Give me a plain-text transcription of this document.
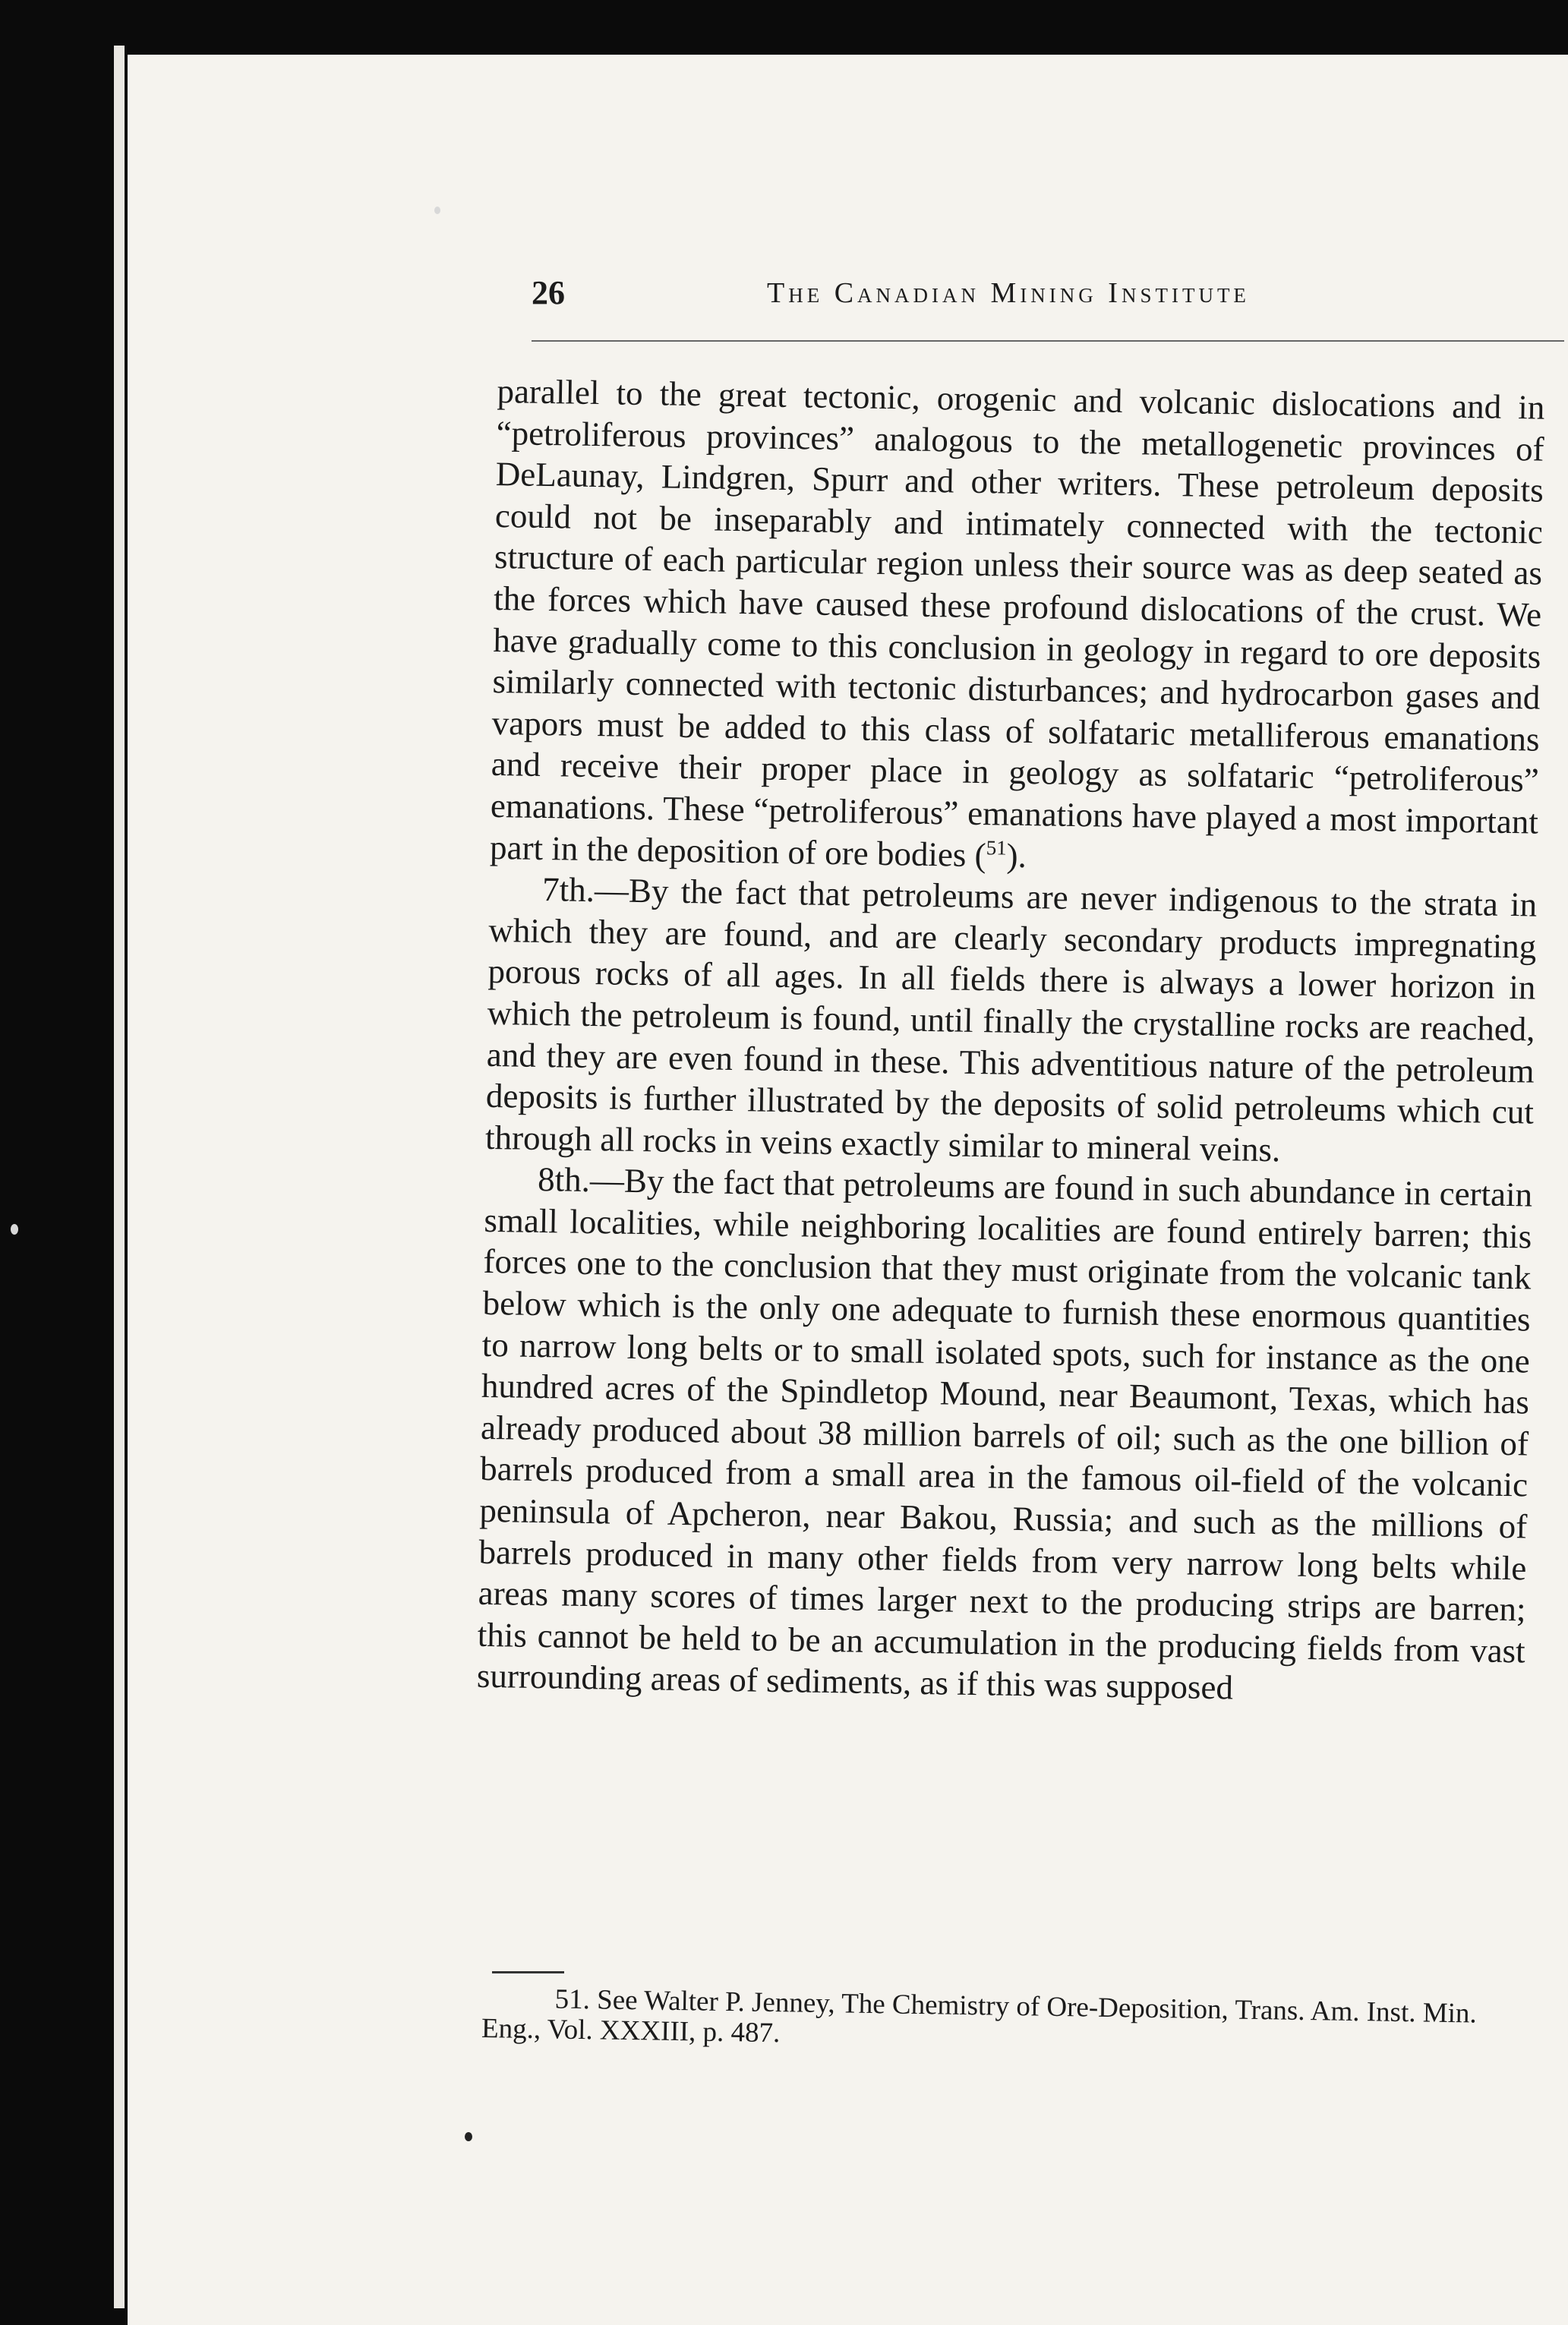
26	The Canadian Mining Institute

parallel to the great tectonic, orogenic and volcanic dislocations and in “petroliferous provinces” analogous to the metallogenetic provinces of DeLaunay, Lindgren, Spurr and other writers. These petroleum deposits could not be inseparably and intimately connected with the tectonic structure of each particular region unless their source was as deep seated as the forces which have caused these profound dislocations of the crust. We have gradually come to this conclusion in geology in regard to ore deposits similarly connected with tectonic disturbances; and hydrocarbon gases and vapors must be added to this class of solfataric metalliferous emanations and receive their proper place in geology as solfataric “petroliferous” emanations. These “petroliferous” emanations have played a most important part in the deposition of ore bodies ($^{51}$).

7th.—By the fact that petroleums are never indigenous to the strata in which they are found, and are clearly secondary products impregnating porous rocks of all ages. In all fields there is always a lower horizon in which the petroleum is found, until finally the crystalline rocks are reached, and they are even found in these. This adventitious nature of the petroleum deposits is further illustrated by the deposits of solid petroleums which cut through all rocks in veins exactly similar to mineral veins.

8th.—By the fact that petroleums are found in such abundance in certain small localities, while neighboring localities are found entirely barren; this forces one to the conclusion that they must originate from the volcanic tank below which is the only one adequate to furnish these enormous quantities to narrow long belts or to small isolated spots, such for instance as the one hundred acres of the Spindletop Mound, near Beaumont, Texas, which has already produced about 38 million barrels of oil; such as the one billion of barrels produced from a small area in the famous oil-field of the volcanic peninsula of Apcheron, near Bakou, Russia; and such as the millions of barrels produced in many other fields from very narrow long belts while areas many scores of times larger next to the producing strips are barren; this cannot be held to be an accumulation in the producing fields from vast surrounding areas of sediments, as if this was supposed

51. See Walter P. Jenney, The Chemistry of Ore-Deposition, Trans. Am. Inst. Min. Eng., Vol. XXXIII, p. 487.
